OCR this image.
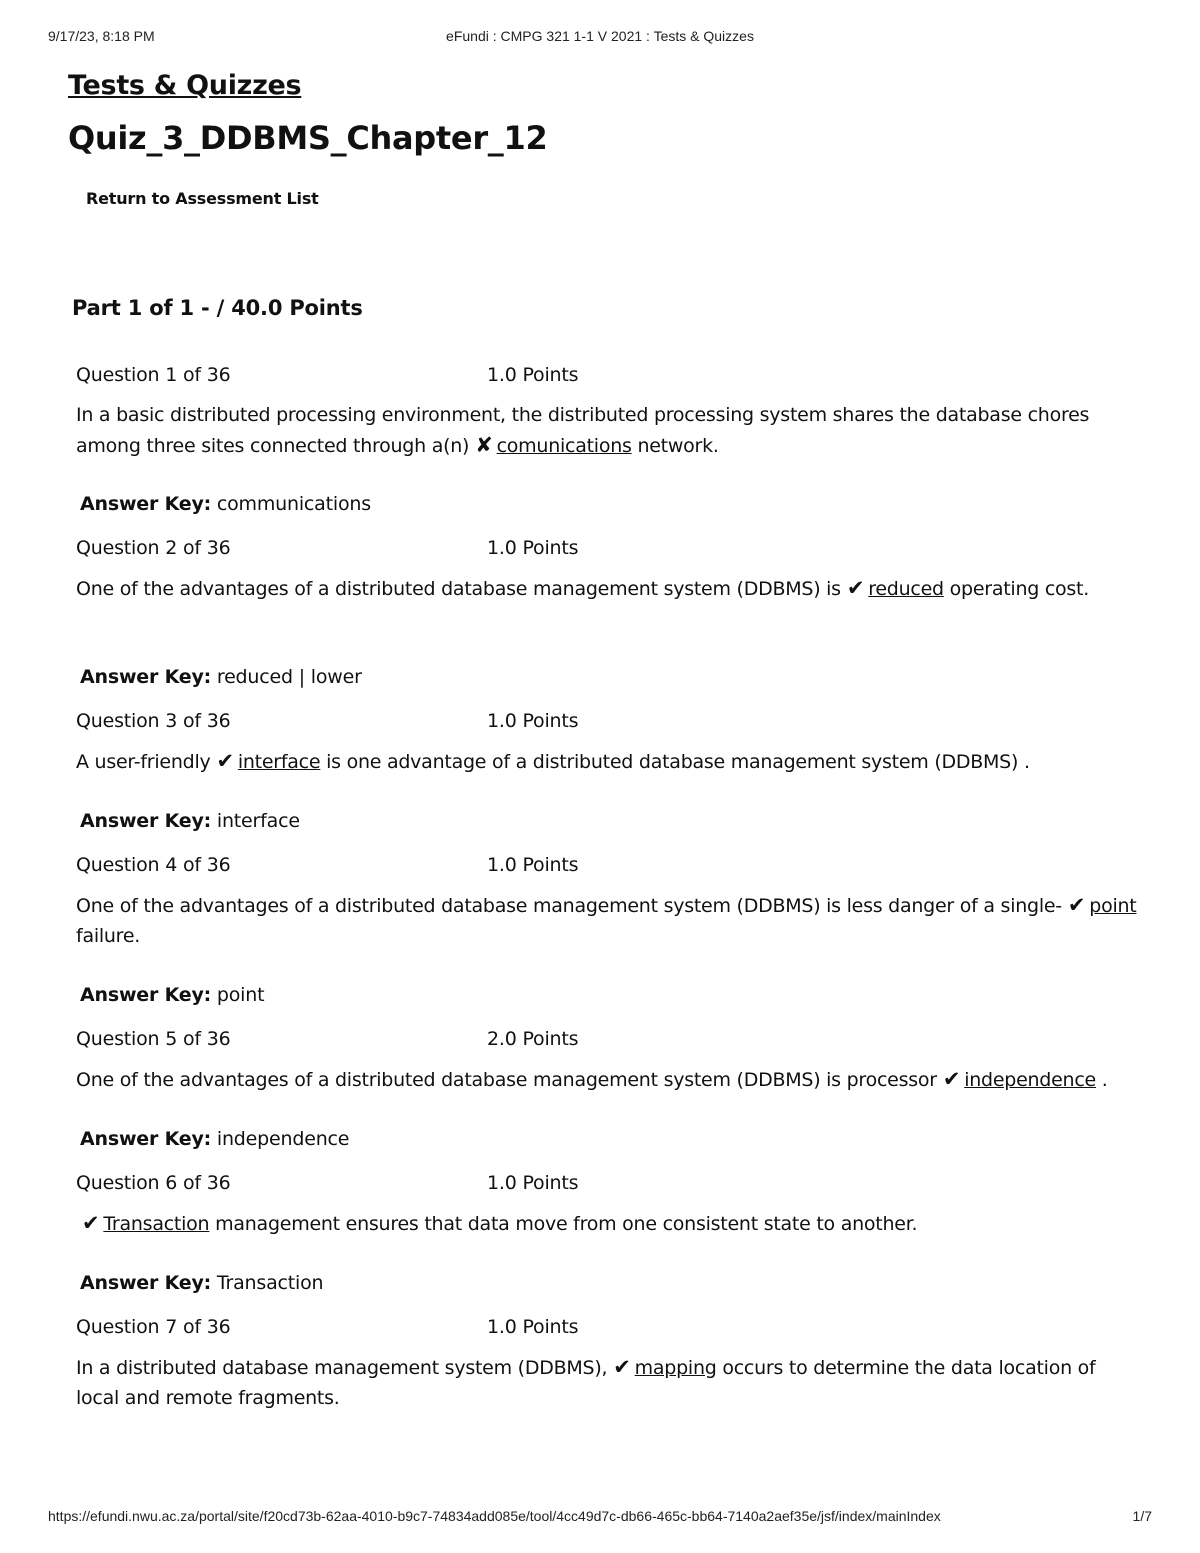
9/17/23, 8:18 PM	eFundi : CMPG 321 1-1 V 2021 : Tests & Quizzes
Tests & Quizzes
Quiz_3_DDBMS_Chapter_12
Return to Assessment List
Part 1 of 1 - / 40.0 Points
Question 1 of 36	1.0 Points
In a basic distributed processing environment, the distributed processing system shares the database chores among three sites connected through a(n) ✘ comunications network.
Answer Key: communications
Question 2 of 36	1.0 Points
One of the advantages of a distributed database management system (DDBMS) is ✔ reduced operating cost.
Answer Key: reduced | lower
Question 3 of 36	1.0 Points
A user-friendly ✔ interface is one advantage of a distributed database management system (DDBMS) .
Answer Key: interface
Question 4 of 36	1.0 Points
One of the advantages of a distributed database management system (DDBMS) is less danger of a single- ✔ point failure.
Answer Key: point
Question 5 of 36	2.0 Points
One of the advantages of a distributed database management system (DDBMS) is processor ✔ independence .
Answer Key: independence
Question 6 of 36	1.0 Points
✔ Transaction management ensures that data move from one consistent state to another.
Answer Key: Transaction
Question 7 of 36	1.0 Points
In a distributed database management system (DDBMS), ✔ mapping occurs to determine the data location of local and remote fragments.
https://efundi.nwu.ac.za/portal/site/f20cd73b-62aa-4010-b9c7-74834add085e/tool/4cc49d7c-db66-465c-bb64-7140a2aef35e/jsf/index/mainIndex	1/7
